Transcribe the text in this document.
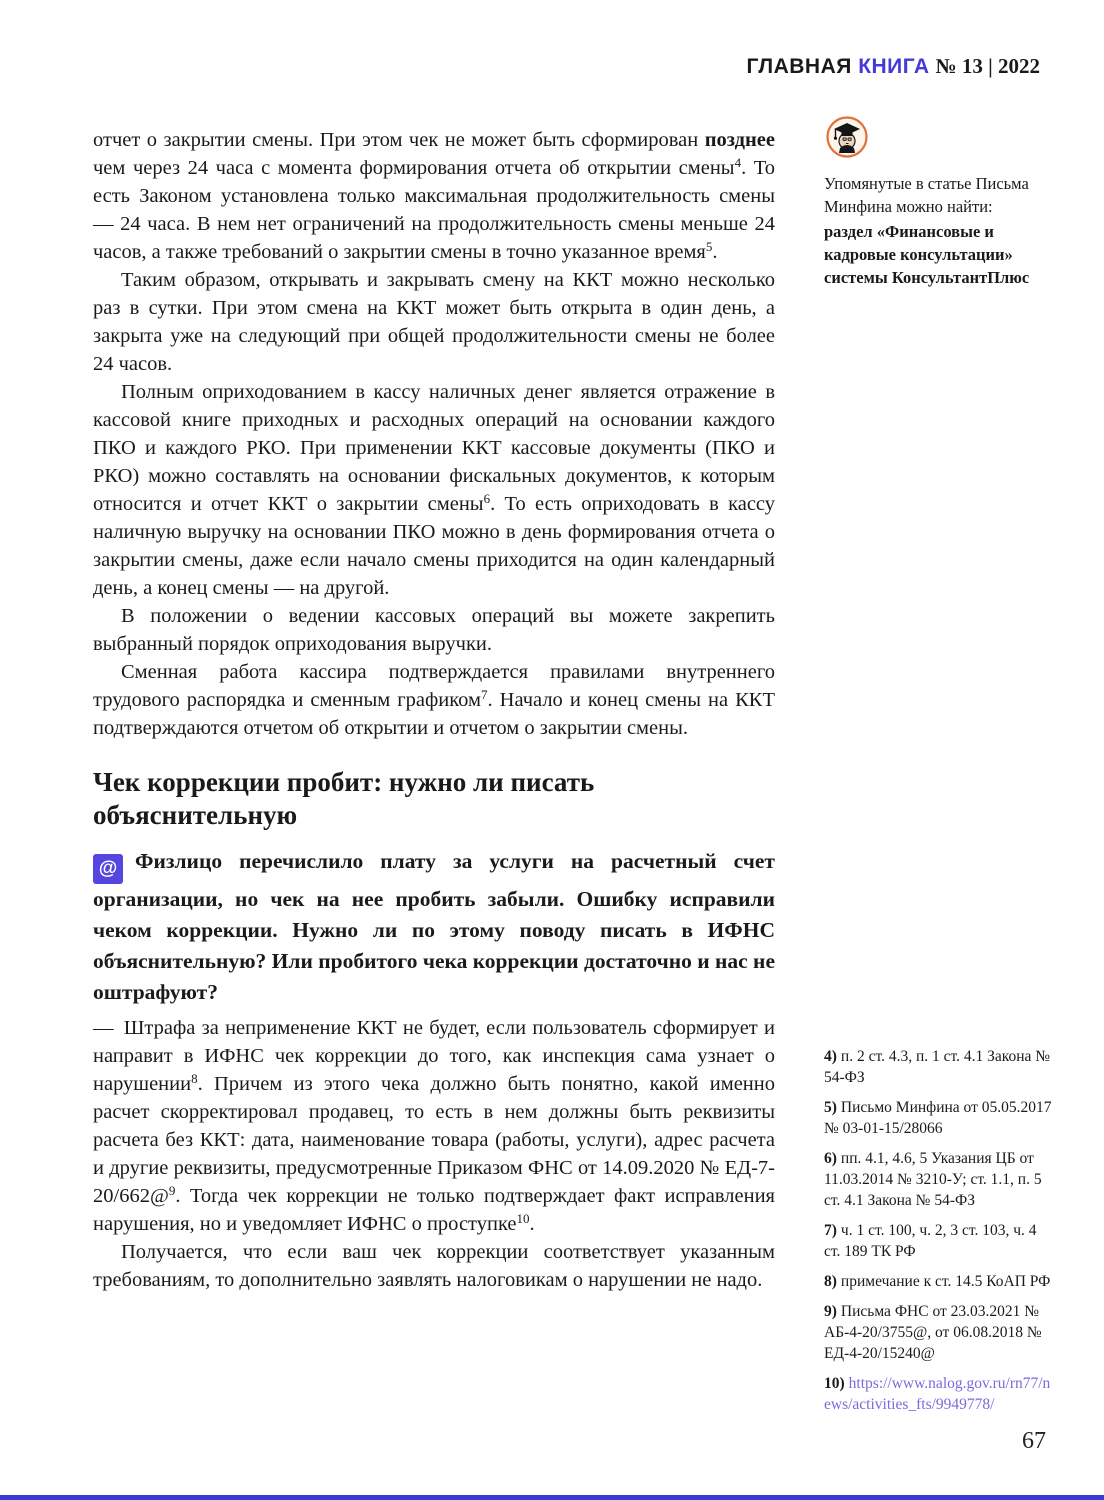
ГЛАВНАЯ КНИГА № 13 | 2022

отчет о закрытии смены. При этом чек не может быть сформирован позднее чем через 24 часа с момента формирования отчета об открытии смены$^4$. То есть Законом установлена только максимальная продолжительность смены — 24 часа. В нем нет ограничений на продолжительность смены меньше 24 часов, а также требований о закрытии смены в точно указанное время$^5$.

Таким образом, открывать и закрывать смену на ККТ можно несколько раз в сутки. При этом смена на ККТ может быть открыта в один день, а закрыта уже на следующий при общей продолжительности смены не более 24 часов.

Полным оприходованием в кассу наличных денег является отражение в кассовой книге приходных и расходных операций на основании каждого ПКО и каждого РКО. При применении ККТ кассовые документы (ПКО и РКО) можно составлять на основании фискальных документов, к которым относится и отчет ККТ о закрытии смены$^6$. То есть оприходовать в кассу наличную выручку на основании ПКО можно в день формирования отчета о закрытии смены, даже если начало смены приходится на один календарный день, а конец смены — на другой.

В положении о ведении кассовых операций вы можете закрепить выбранный порядок оприходования выручки.

Сменная работа кассира подтверждается правилами внутреннего трудового распорядка и сменным графиком$^7$. Начало и конец смены на ККТ подтверждаются отчетом об открытии и отчетом о закрытии смены.

Чек коррекции пробит: нужно ли писать объяснительную
@ Физлицо перечислило плату за услуги на расчетный счет организации, но чек на нее пробить забыли. Ошибку исправили чеком коррекции. Нужно ли по этому поводу писать в ИФНС объяснительную? Или пробитого чека коррекции достаточно и нас не оштрафуют?

— Штрафа за неприменение ККТ не будет, если пользователь сформирует и направит в ИФНС чек коррекции до того, как инспекция сама узнает о нарушении$^8$. Причем из этого чека должно быть понятно, какой именно расчет скорректировал продавец, то есть в нем должны быть реквизиты расчета без ККТ: дата, наименование товара (работы, услуги), адрес расчета и другие реквизиты, предусмотренные Приказом ФНС от 14.09.2020 № ЕД-7-20/662@$^9$. Тогда чек коррекции не только подтверждает факт исправления нарушения, но и уведомляет ИФНС о проступке$^{10}$.

Получается, что если ваш чек коррекции соответствует указанным требованиям, то дополнительно заявлять налоговикам о нарушении не надо.

Упомянутые в статье Письма Минфина можно найти:
раздел «Финансовые и кадровые консультации» системы КонсультантПлюс
4) п. 2 ст. 4.3, п. 1 ст. 4.1 Закона № 54-ФЗ
5) Письмо Минфина от 05.05.2017 № 03-01-15/28066
6) пп. 4.1, 4.6, 5 Указания ЦБ от 11.03.2014 № 3210-У; ст. 1.1, п. 5 ст. 4.1 Закона № 54-ФЗ
7) ч. 1 ст. 100, ч. 2, 3 ст. 103, ч. 4 ст. 189 ТК РФ
8) примечание к ст. 14.5 КоАП РФ
9) Письма ФНС от 23.03.2021 № АБ-4-20/3755@, от 06.08.2018 № ЕД-4-20/15240@
10) https://www.nalog.gov.ru/rn77/news/activities_fts/9949778/
67
